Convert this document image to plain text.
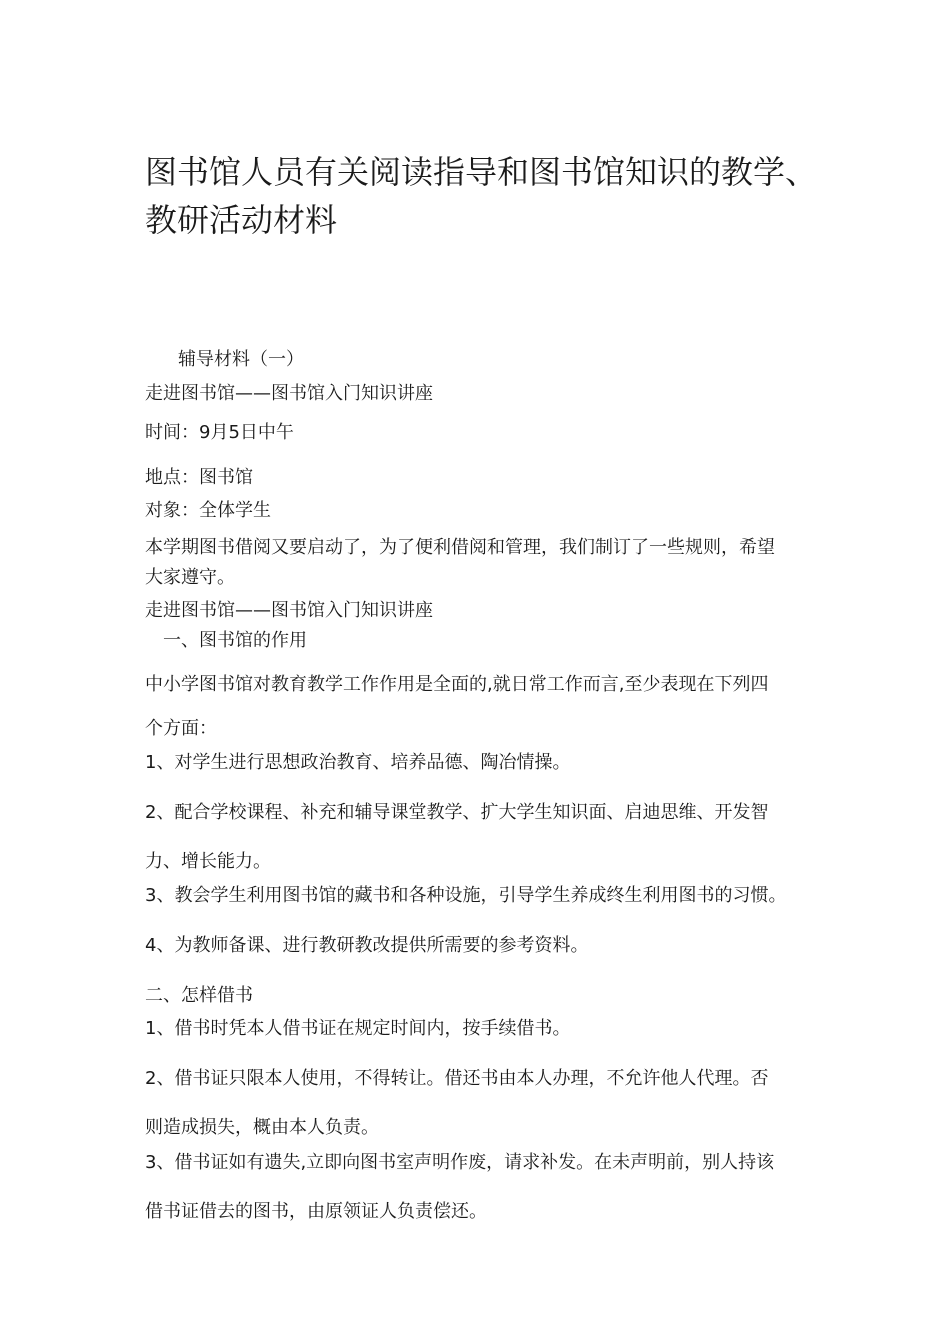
图书馆人员有关阅读指导和图书馆知识的教学、
教研活动材料
辅导材料（一）
走进图书馆——图书馆入门知识讲座
时间：9月5日中午
地点：图书馆
对象：全体学生
本学期图书借阅又要启动了，为了便利借阅和管理，我们制订了一些规则，希望
大家遵守。
走进图书馆——图书馆入门知识讲座
一、图书馆的作用
中小学图书馆对教育教学工作作用是全面的,就日常工作而言,至少表现在下列四
个方面：
1、对学生进行思想政治教育、培养品德、陶冶情操。
2、配合学校课程、补充和辅导课堂教学、扩大学生知识面、启迪思维、开发智
力、增长能力。
3、教会学生利用图书馆的藏书和各种设施，引导学生养成终生利用图书的习惯。
4、为教师备课、进行教研教改提供所需要的参考资料。
二、怎样借书
1、借书时凭本人借书证在规定时间内，按手续借书。
2、借书证只限本人使用，不得转让。借还书由本人办理，不允许他人代理。否
则造成损失，概由本人负责。
3、借书证如有遗失,立即向图书室声明作废，请求补发。在未声明前，别人持该
借书证借去的图书，由原领证人负责偿还。
